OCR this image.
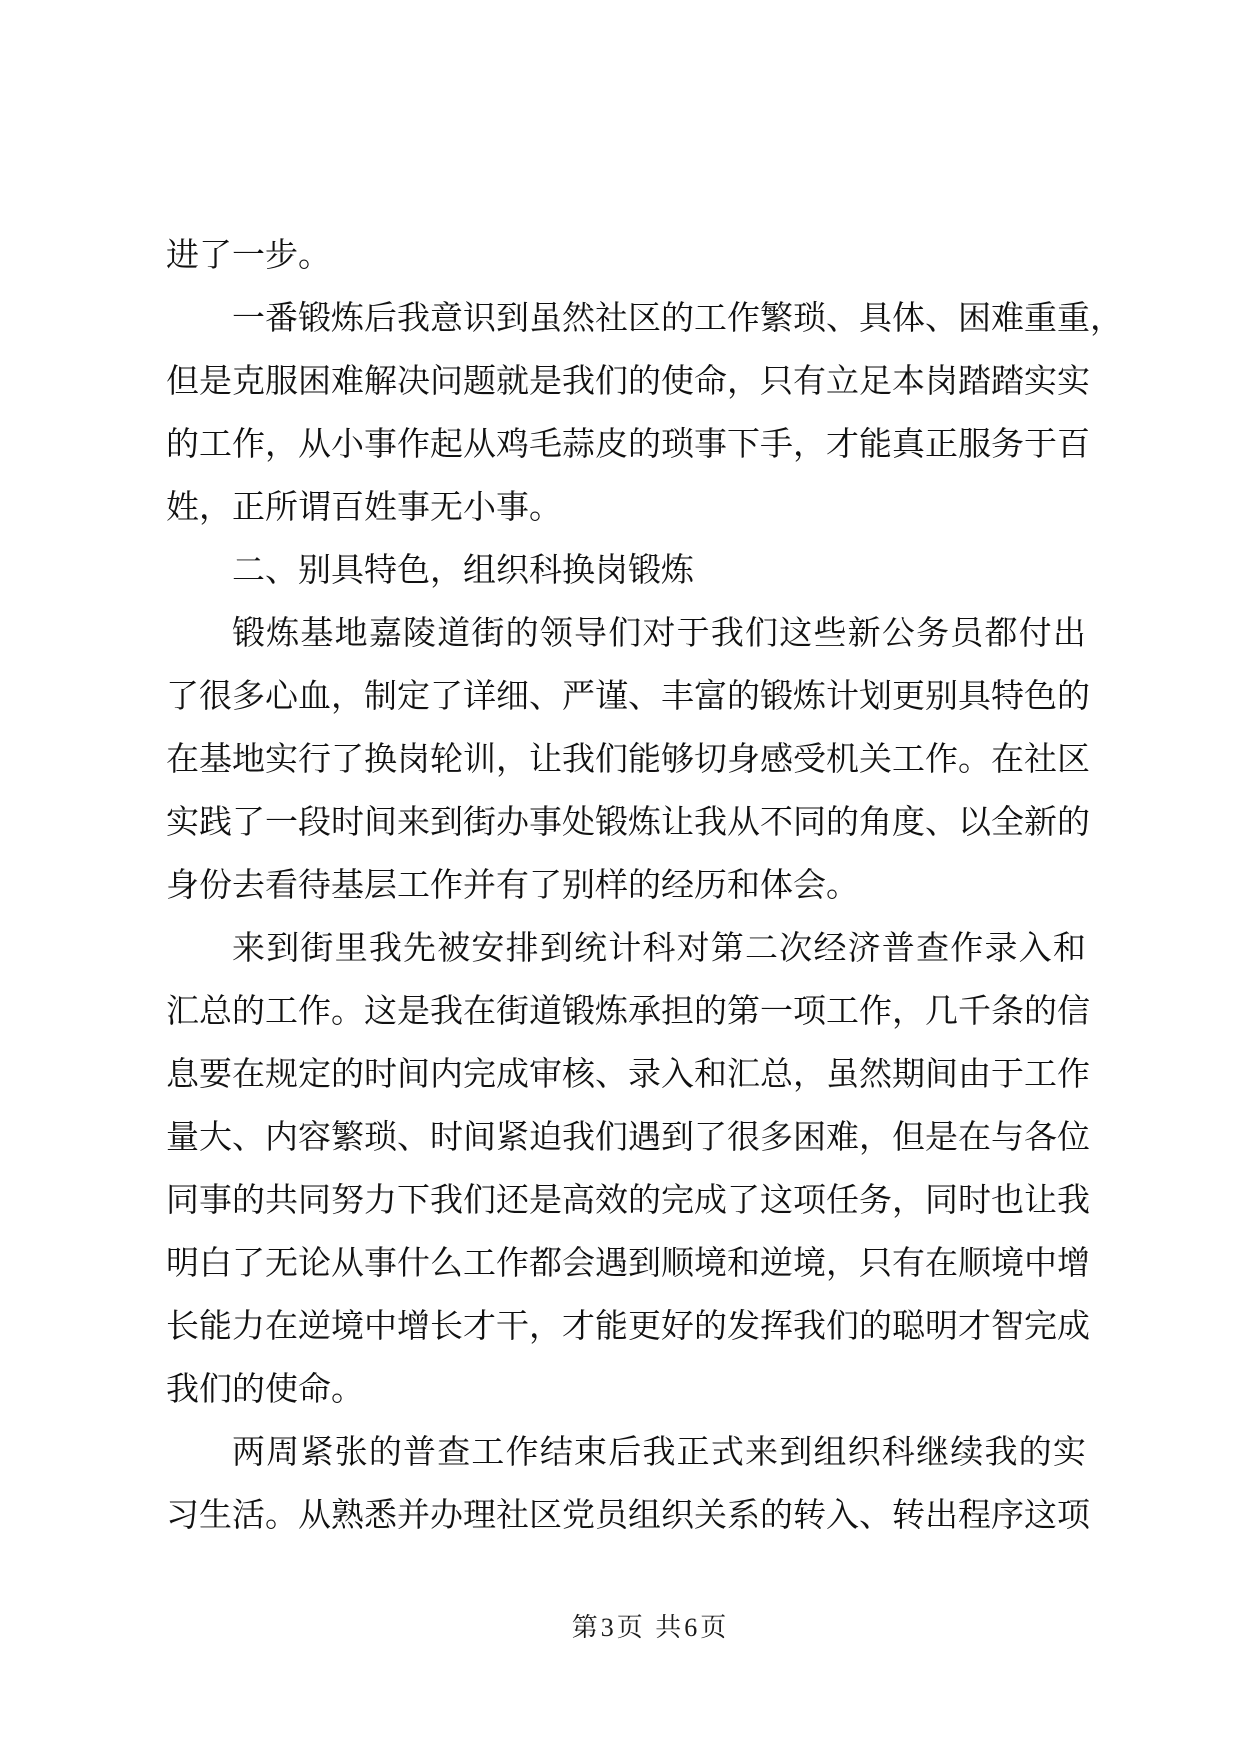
进了一步。
一 番 锻 炼 后 我 意 识 到 虽 然 社 区 的 工 作 繁 琐 、 具 体 、 困 难 重 重 ，
但 是 克 服 困 难 解 决 问 题 就 是 我 们 的 使 命 ， 只 有 立 足 本 岗 踏 踏 实 实
的 工 作 ， 从 小 事 作 起 从 鸡 毛 蒜 皮 的 琐 事 下 手 ， 才 能 真 正 服 务 于 百
姓，正所谓百姓事无小事。
二、别具特色，组织科换岗锻炼
锻 炼 基 地 嘉 陵 道 街 的 领 导 们 对 于 我 们 这 些 新 公 务 员 都 付 出
了 很 多 心 血 ， 制 定 了 详 细 、 严 谨 、 丰 富 的 锻 炼 计 划 更 别 具 特 色 的
在 基 地 实 行 了 换 岗 轮 训 ， 让 我 们 能 够 切 身 感 受 机 关 工 作 。 在 社 区
实 践 了 一 段 时 间 来 到 街 办 事 处 锻 炼 让 我 从 不 同 的 角 度 、 以 全 新 的
身份去看待基层工作并有了别样的经历和体会。
来 到 街 里 我 先 被 安 排 到 统 计 科 对 第 二 次 经 济 普 查 作 录 入 和
汇 总 的 工 作 。 这 是 我 在 街 道 锻 炼 承 担 的 第 一 项 工 作 ， 几 千 条 的 信
息 要 在 规 定 的 时 间 内 完 成 审 核 、 录 入 和 汇 总 ， 虽 然 期 间 由 于 工 作
量 大 、 内 容 繁 琐 、 时 间 紧 迫 我 们 遇 到 了 很 多 困 难 ， 但 是 在 与 各 位
同 事 的 共 同 努 力 下 我 们 还 是 高 效 的 完 成 了 这 项 任 务 ， 同 时 也 让 我
明 白 了 无 论 从 事 什 么 工 作 都 会 遇 到 顺 境 和 逆 境 ， 只 有 在 顺 境 中 增
长 能 力 在 逆 境 中 增 长 才 干 ， 才 能 更 好 的 发 挥 我 们 的 聪 明 才 智 完 成
我们的使命。
两 周 紧 张 的 普 查 工 作 结 束 后 我 正 式 来 到 组 织 科 继 续 我 的 实
习 生 活 。 从 熟 悉 并 办 理 社 区 党 员 组 织 关 系 的 转 入 、 转 出 程 序 这 项
第3页 共6页
